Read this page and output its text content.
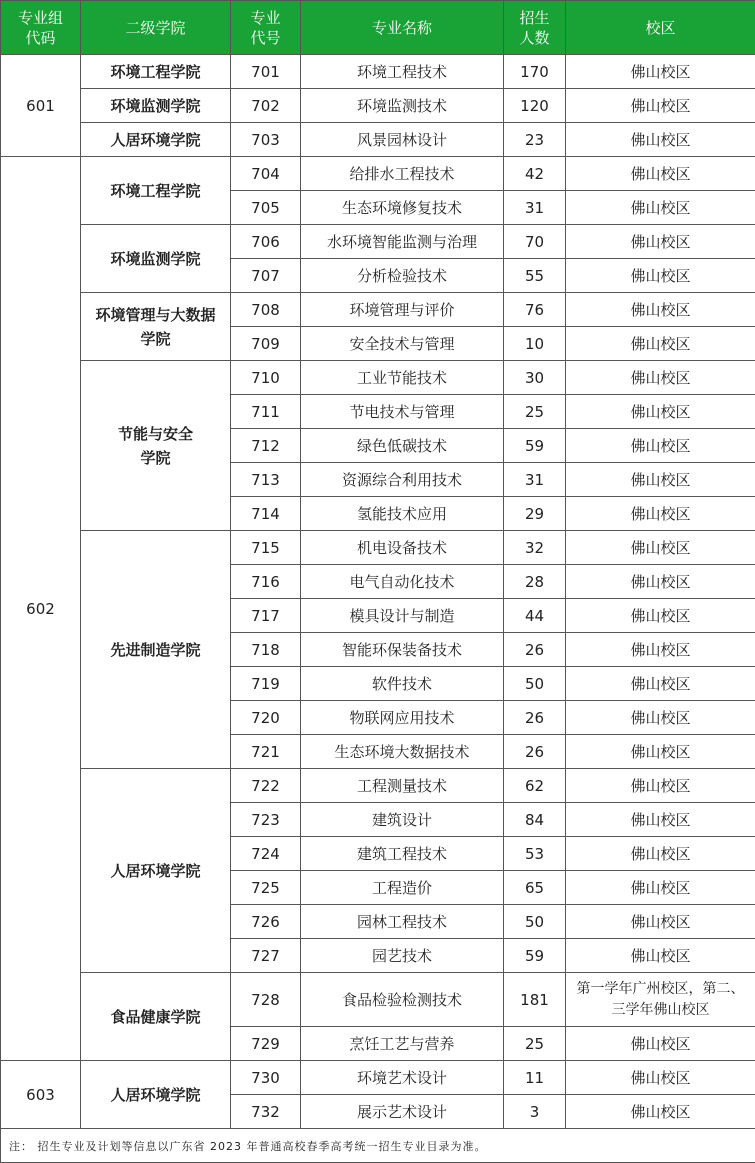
专业组代码	二级学院	专业代号	专业名称	招生人数	校区
601	环境工程学院	701	环境工程技术	170	佛山校区
	环境监测学院	702	环境监测技术	120	佛山校区
	人居环境学院	703	风景园林设计	23	佛山校区
602	环境工程学院	704	给排水工程技术	42	佛山校区
		705	生态环境修复技术	31	佛山校区
	环境监测学院	706	水环境智能监测与治理	70	佛山校区
		707	分析检验技术	55	佛山校区
	环境管理与大数据学院	708	环境管理与评价	76	佛山校区
		709	安全技术与管理	10	佛山校区
	节能与安全学院	710	工业节能技术	30	佛山校区
		711	节电技术与管理	25	佛山校区
		712	绿色低碳技术	59	佛山校区
		713	资源综合利用技术	31	佛山校区
		714	氢能技术应用	29	佛山校区
	先进制造学院	715	机电设备技术	32	佛山校区
		716	电气自动化技术	28	佛山校区
		717	模具设计与制造	44	佛山校区
		718	智能环保装备技术	26	佛山校区
		719	软件技术	50	佛山校区
		720	物联网应用技术	26	佛山校区
		721	生态环境大数据技术	26	佛山校区
	人居环境学院	722	工程测量技术	62	佛山校区
		723	建筑设计	84	佛山校区
		724	建筑工程技术	53	佛山校区
		725	工程造价	65	佛山校区
		726	园林工程技术	50	佛山校区
		727	园艺技术	59	佛山校区
	食品健康学院	728	食品检验检测技术	181	第一学年广州校区，第二、三学年佛山校区
		729	烹饪工艺与营养	25	佛山校区
603	人居环境学院	730	环境艺术设计	11	佛山校区
		732	展示艺术设计	3	佛山校区
注： 招生专业及计划等信息以广东省 2023 年普通高校春季高考统一招生专业目录为准。					
